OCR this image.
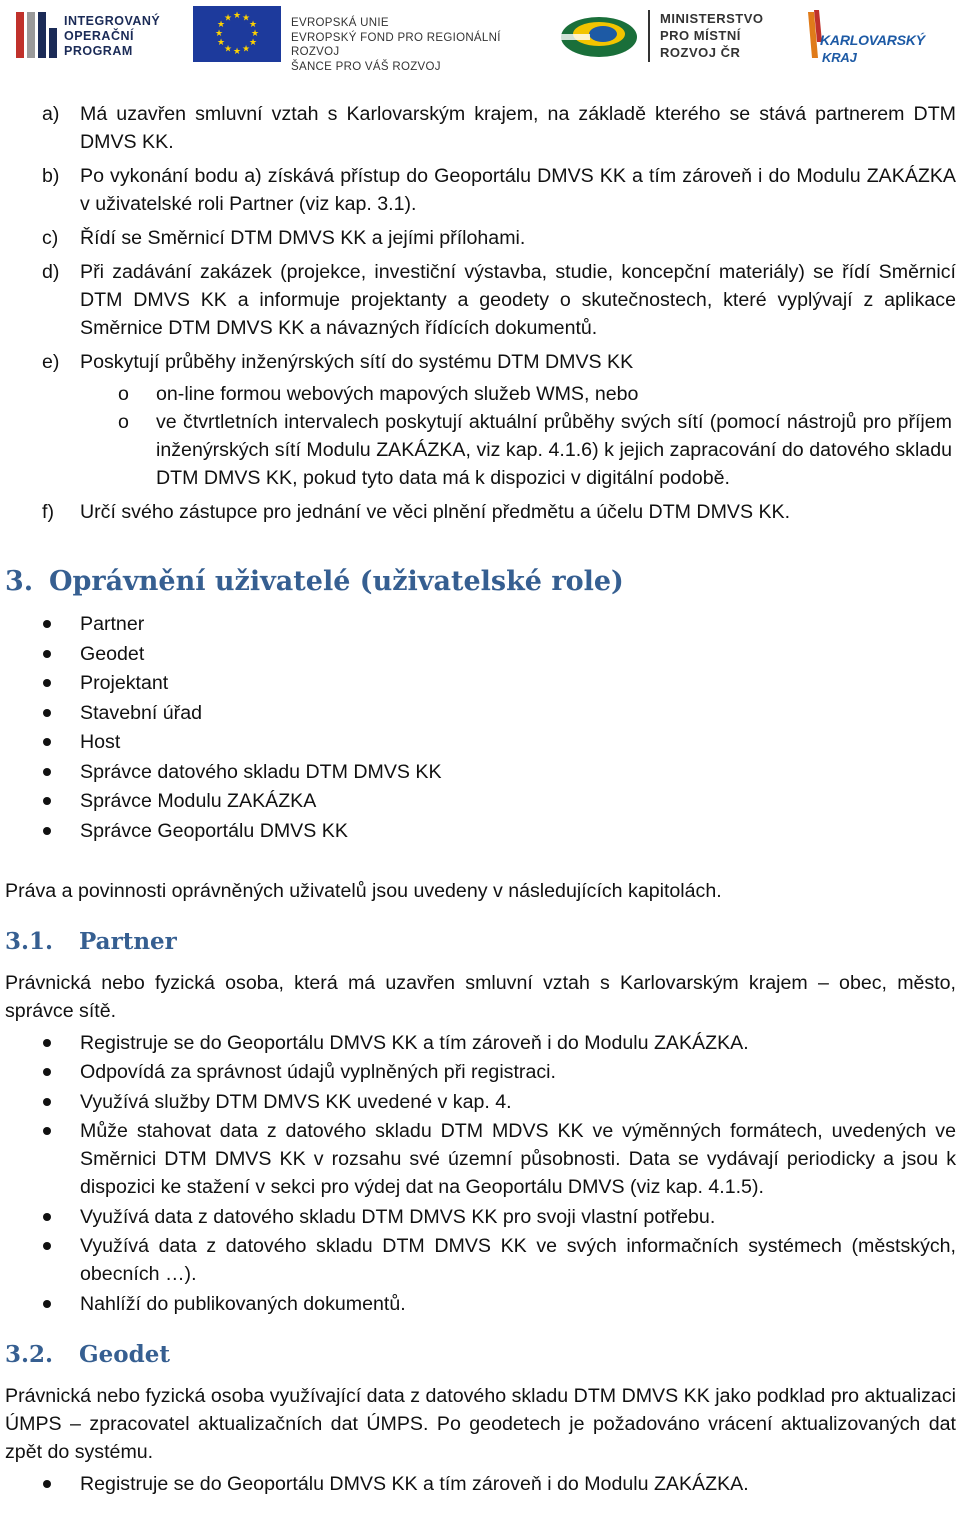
INTEGROVANÝ
OPERAČNÍ
PROGRAM
★ ★
★
★
★
★
★
★
★
★
★
★	EVROPSKÁ UNIE
EVROPSKÝ FOND PRO REGIONÁLNÍ ROZVOJ
ŠANCE PRO VÁŠ ROZVOJ
MINISTERSTVO
PRO MÍSTNÍ
ROZVOJ ČR
KARLOVARSKÝ
KRAJ
a) Má uzavřen smluvní vztah s Karlovarským krajem, na základě kterého se stává partnerem DTM DMVS KK.
b) Po vykonání bodu a) získává přístup do Geoportálu DMVS KK a tím zároveň i do Modulu ZAKÁZKA v uživatelské roli Partner (viz kap. 3.1).
c) Řídí se Směrnicí DTM DMVS KK a jejími přílohami.
d) Při zadávání zakázek (projekce, investiční výstavba, studie, koncepční materiály) se řídí Směrnicí DTM DMVS KK a informuje projektanty a geodety o skutečnostech, které vyplývají z aplikace Směrnice DTM DMVS KK a návazných řídících dokumentů.
e) Poskytují průběhy inženýrských sítí do systému DTM DMVS KK
o on-line formou webových mapových služeb WMS, nebo
o ve čtvrtletních intervalech poskytují aktuální průběhy svých sítí (pomocí nástrojů pro příjem inženýrských sítí Modulu ZAKÁZKA, viz kap. 4.1.6) k jejich zapracování do datového skladu DTM DMVS KK, pokud tyto data má k dispozici v digitální podobě.
f) Určí svého zástupce pro jednání ve věci plnění předmětu a účelu DTM DMVS KK.
3. Oprávnění uživatelé (uživatelské role)
Partner
Geodet
Projektant
Stavební úřad
Host
Správce datového skladu DTM DMVS KK
Správce Modulu ZAKÁZKA
Správce Geoportálu DMVS KK

Práva a povinnosti oprávněných uživatelů jsou uvedeny v následujících kapitolách.

3.1. Partner

Právnická nebo fyzická osoba, která má uzavřen smluvní vztah s Karlovarským krajem – obec, město, správce sítě.

Registruje se do Geoportálu DMVS KK a tím zároveň i do Modulu ZAKÁZKA.
Odpovídá za správnost údajů vyplněných při registraci.
Využívá služby DTM DMVS KK uvedené v kap. 4.
Může stahovat data z datového skladu DTM MDVS KK ve výměnných formátech, uvedených ve Směrnici DTM DMVS KK v rozsahu své územní působnosti. Data se vydávají periodicky a jsou k dispozici ke stažení v sekci pro výdej dat na Geoportálu DMVS (viz kap. 4.1.5).
Využívá data z datového skladu DTM DMVS KK pro svoji vlastní potřebu.
Využívá data z datového skladu DTM DMVS KK ve svých informačních systémech (městských, obecních …).
Nahlíží do publikovaných dokumentů.
3.2. Geodet

Právnická nebo fyzická osoba využívající data z datového skladu DTM DMVS KK jako podklad pro aktualizaci ÚMPS – zpracovatel aktualizačních dat ÚMPS. Po geodetech je požadováno vrácení aktualizovaných dat zpět do systému.

Registruje se do Geoportálu DMVS KK a tím zároveň i do Modulu ZAKÁZKA.
